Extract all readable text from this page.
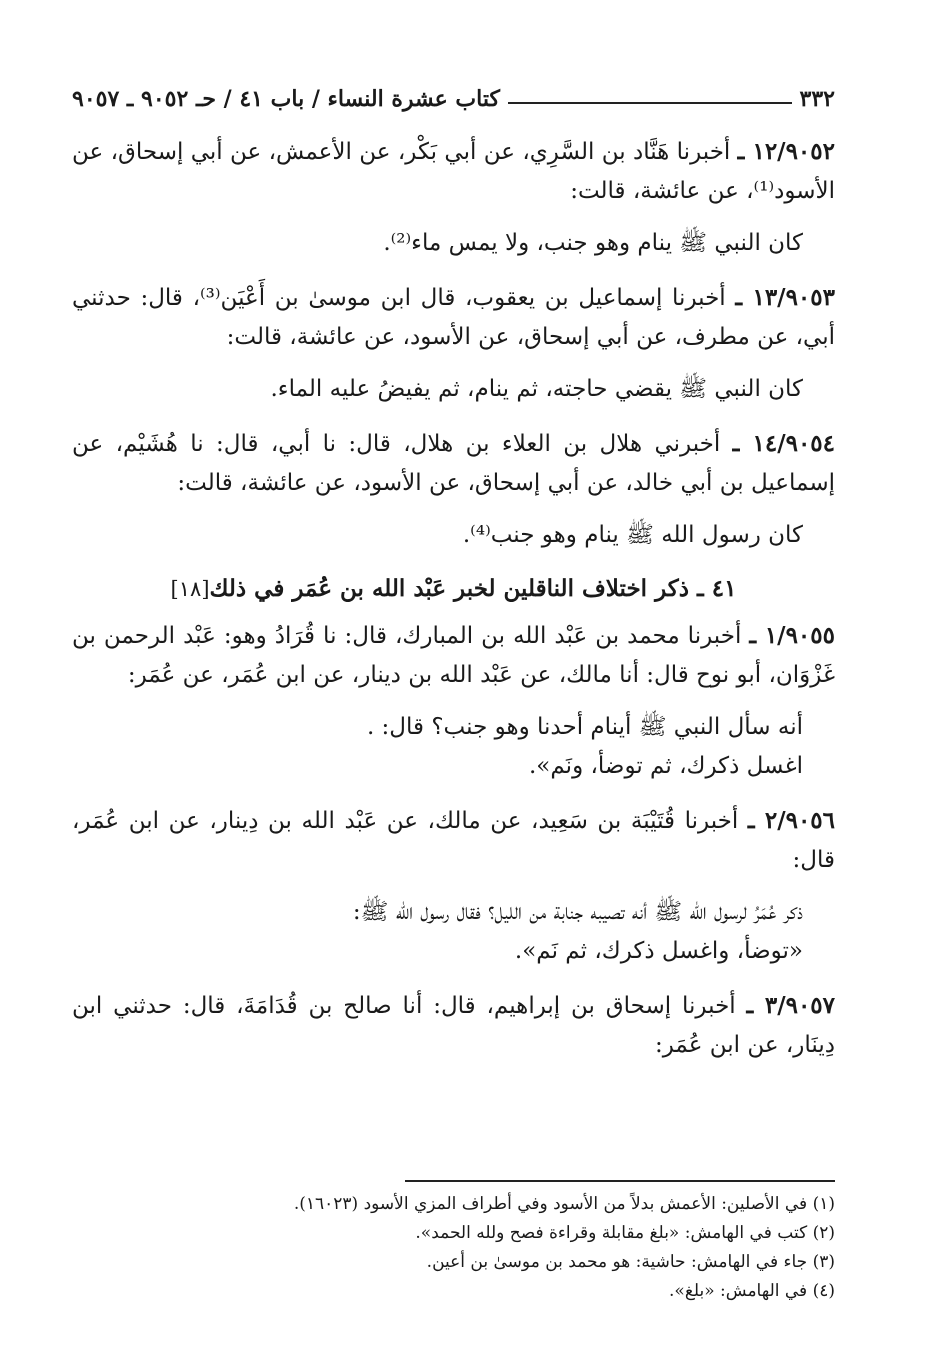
٣٣٢
كتاب عشرة النساء / باب ٤١ / حـ ٩٠٥٢ ـ ٩٠٥٧
١٢/٩٠٥٢ ـ أخبرنا هَنَّاد بن السَّرِي، عن أبي بَكْر، عن الأعمش، عن أبي إسحاق، عن الأسود⁽¹⁾، عن عائشة، قالت:
كان النبي ﷺ ينام وهو جنب، ولا يمس ماء⁽²⁾.
١٣/٩٠٥٣ ـ أخبرنا إسماعيل بن يعقوب، قال ابن موسىٰ بن أَعْيَن⁽³⁾، قال: حدثني أبي، عن مطرف، عن أبي إسحاق، عن الأسود، عن عائشة، قالت:
كان النبي ﷺ يقضي حاجته، ثم ينام، ثم يفيضُ عليه الماء.
١٤/٩٠٥٤ ـ أخبرني هلال بن العلاء بن هلال، قال: نا أبي، قال: نا هُشَيْم، عن إسماعيل بن أبي خالد، عن أبي إسحاق، عن الأسود، عن عائشة، قالت:
كان رسول الله ﷺ ينام وهو جنب⁽⁴⁾.
٤١ ـ ذكر اختلاف الناقلين لخبر عَبْد الله بن عُمَر في ذلك[١٨]
١/٩٠٥٥ ـ أخبرنا محمد بن عَبْد الله بن المبارك، قال: نا قُرَادُ وهو: عَبْد الرحمن بن غَزْوَان، أبو نوح قال: أنا مالك، عن عَبْد الله بن دينار، عن ابن عُمَر، عن عُمَر:
أنه سأل النبي ﷺ أينام أحدنا وهو جنب؟ قال: .
اغسل ذكرك، ثم توضأ، ونَم».
٢/٩٠٥٦ ـ أخبرنا قُتَيْبَة بن سَعِيد، عن مالك، عن عَبْد الله بن دِينار، عن ابن عُمَر، قال:
ذكر عُمَرُ لرسول الله ﷺ أنه تصيبه جنابة من الليل؟ فقال رسول الله ﷺ:
«توضأ، واغسل ذكرك، ثم نَم».
٣/٩٠٥٧ ـ أخبرنا إسحاق بن إبراهيم، قال: أنا صالح بن قُدَامَةَ، قال: حدثني ابن دِينَار، عن ابن عُمَر:
(١) في الأصلين: الأعمش بدلاً من الأسود وفي أطراف المزي الأسود (١٦٠٢٣).
(٢) كتب في الهامش: «بلغ مقابلة وقراءة فصح ولله الحمد».
(٣) جاء في الهامش: حاشية: هو محمد بن موسىٰ بن أعين.
(٤) في الهامش: «بلغ».
